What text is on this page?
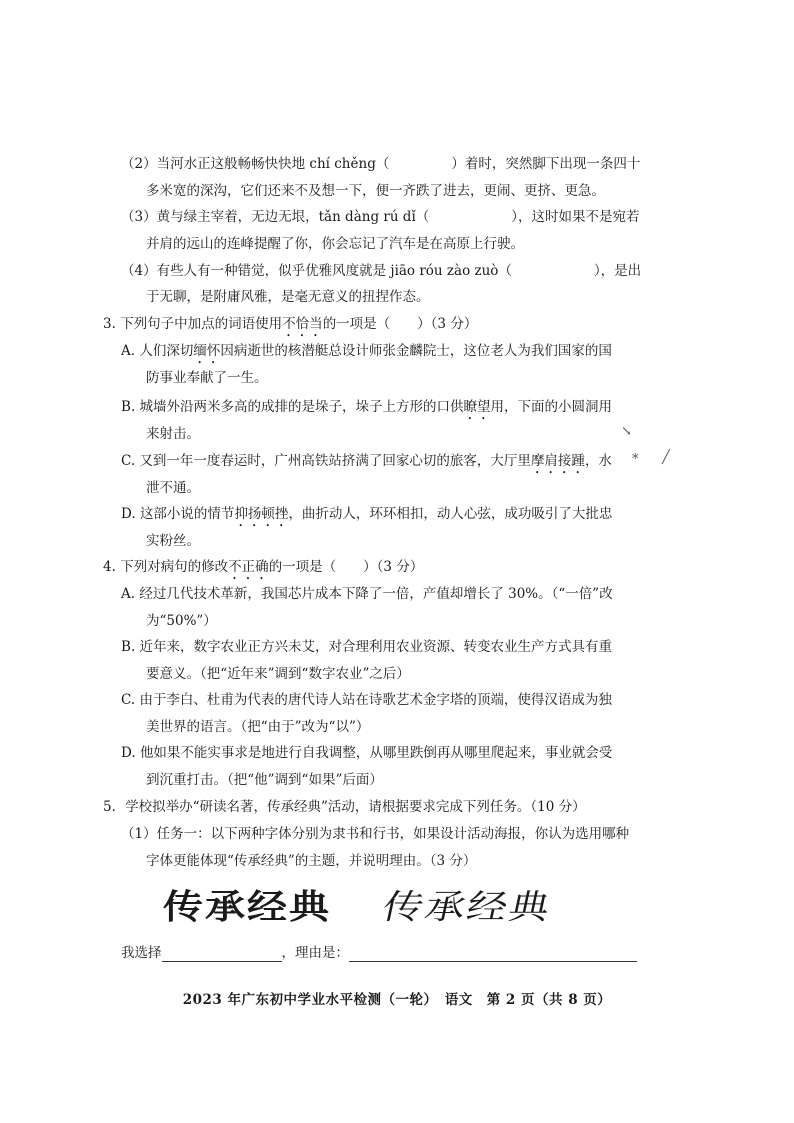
（2）当河水正这般畅畅快快地 chí chěng（	）着时，突然脚下出现一条四十
多米宽的深沟，它们还来不及想一下，便一齐跌了进去，更闹、更挤、更急。
（3）黄与绿主宰着，无边无垠，tǎn dàng rú dǐ（	），这时如果不是宛若
并肩的远山的连峰提醒了你，你会忘记了汽车是在高原上行驶。
（4）有些人有一种错觉，似乎优雅风度就是 jiāo róu zào zuò（	），是出
于无聊，是附庸风雅，是毫无意义的扭捏作态。
3. 下列句子中加点的词语使用不恰当的一项是（　　）（3 分）
A. 人们深切缅怀因病逝世的核潜艇总设计师张金麟院士，这位老人为我们国家的国
防事业奉献了一生。
B. 城墙外沿两米多高的成排的是垛子，垛子上方形的口供瞭望用，下面的小圆洞用
来射击。
C. 又到一年一度春运时，广州高铁站挤满了回家心切的旅客，大厅里摩肩接踵，水
泄不通。
D. 这部小说的情节抑扬顿挫，曲折动人，环环相扣，动人心弦，成功吸引了大批忠
实粉丝。
4. 下列对病句的修改不正确的一项是（　　）（3 分）
A. 经过几代技术革新，我国芯片成本下降了一倍，产值却增长了 30%。（“一倍”改
为“50%”）
B. 近年来，数字农业正方兴未艾，对合理利用农业资源、转变农业生产方式具有重
要意义。（把“近年来”调到“数字农业”之后）
C. 由于李白、杜甫为代表的唐代诗人站在诗歌艺术金字塔的顶端，使得汉语成为独
美世界的语言。（把“由于”改为“以”）
D. 他如果不能实事求是地进行自我调整，从哪里跌倒再从哪里爬起来，事业就会受
到沉重打击。（把“他”调到“如果”后面）
5．学校拟举办“研读名著，传承经典”活动，请根据要求完成下列任务。（10 分）
（1）任务一：以下两种字体分别为隶书和行书，如果设计活动海报，你认为选用哪种
字体更能体现“传承经典”的主题，并说明理由。（3 分）
传承经典 传承经典
我选择	，理由是：
2023 年广东初中学业水平检测（一轮）　语文　第 2 页（共 8 页）
↘
* ╱
